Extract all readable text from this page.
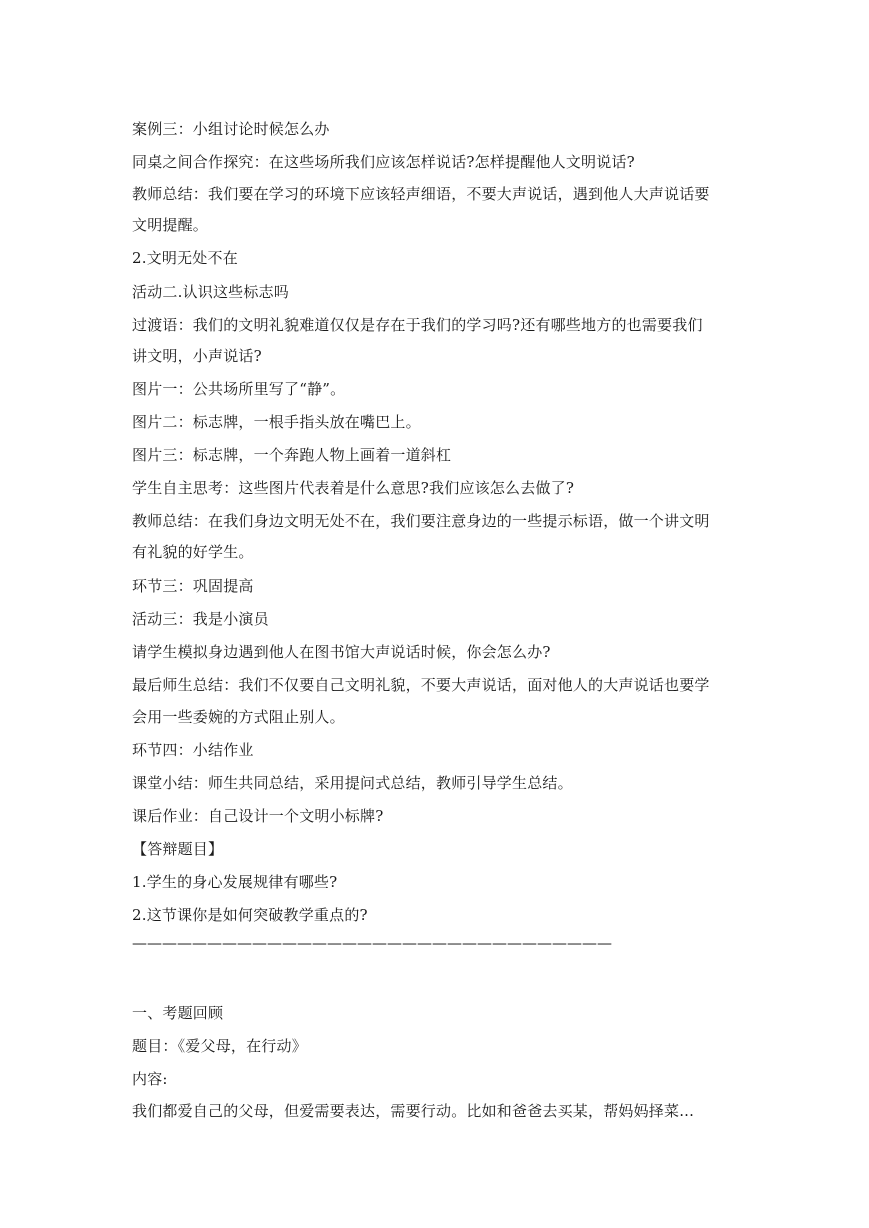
案例三：小组讨论时候怎么办
同桌之间合作探究：在这些场所我们应该怎样说话?怎样提醒他人文明说话?
教师总结：我们要在学习的环境下应该轻声细语，不要大声说话，遇到他人大声说话要
文明提醒。
2.文明无处不在
活动二.认识这些标志吗
过渡语：我们的文明礼貌难道仅仅是存在于我们的学习吗?还有哪些地方的也需要我们
讲文明，小声说话?
图片一：公共场所里写了“静”。
图片二：标志牌，一根手指头放在嘴巴上。
图片三：标志牌，一个奔跑人物上画着一道斜杠
学生自主思考：这些图片代表着是什么意思?我们应该怎么去做了?
教师总结：在我们身边文明无处不在，我们要注意身边的一些提示标语，做一个讲文明
有礼貌的好学生。
环节三：巩固提高
活动三：我是小演员
请学生模拟身边遇到他人在图书馆大声说话时候，你会怎么办?
最后师生总结：我们不仅要自己文明礼貌，不要大声说话，面对他人的大声说话也要学
会用一些委婉的方式阻止别人。
环节四：小结作业
课堂小结：师生共同总结，采用提问式总结，教师引导学生总结。
课后作业：自己设计一个文明小标牌?
【答辩题目】
1.学生的身心发展规律有哪些?
2.这节课你是如何突破教学重点的?
————————————————————————————————
一、考题回顾
题目：《爱父母，在行动》
内容:
我们都爱自己的父母，但爱需要表达，需要行动。比如和爸爸去买某，帮妈妈择菜...
